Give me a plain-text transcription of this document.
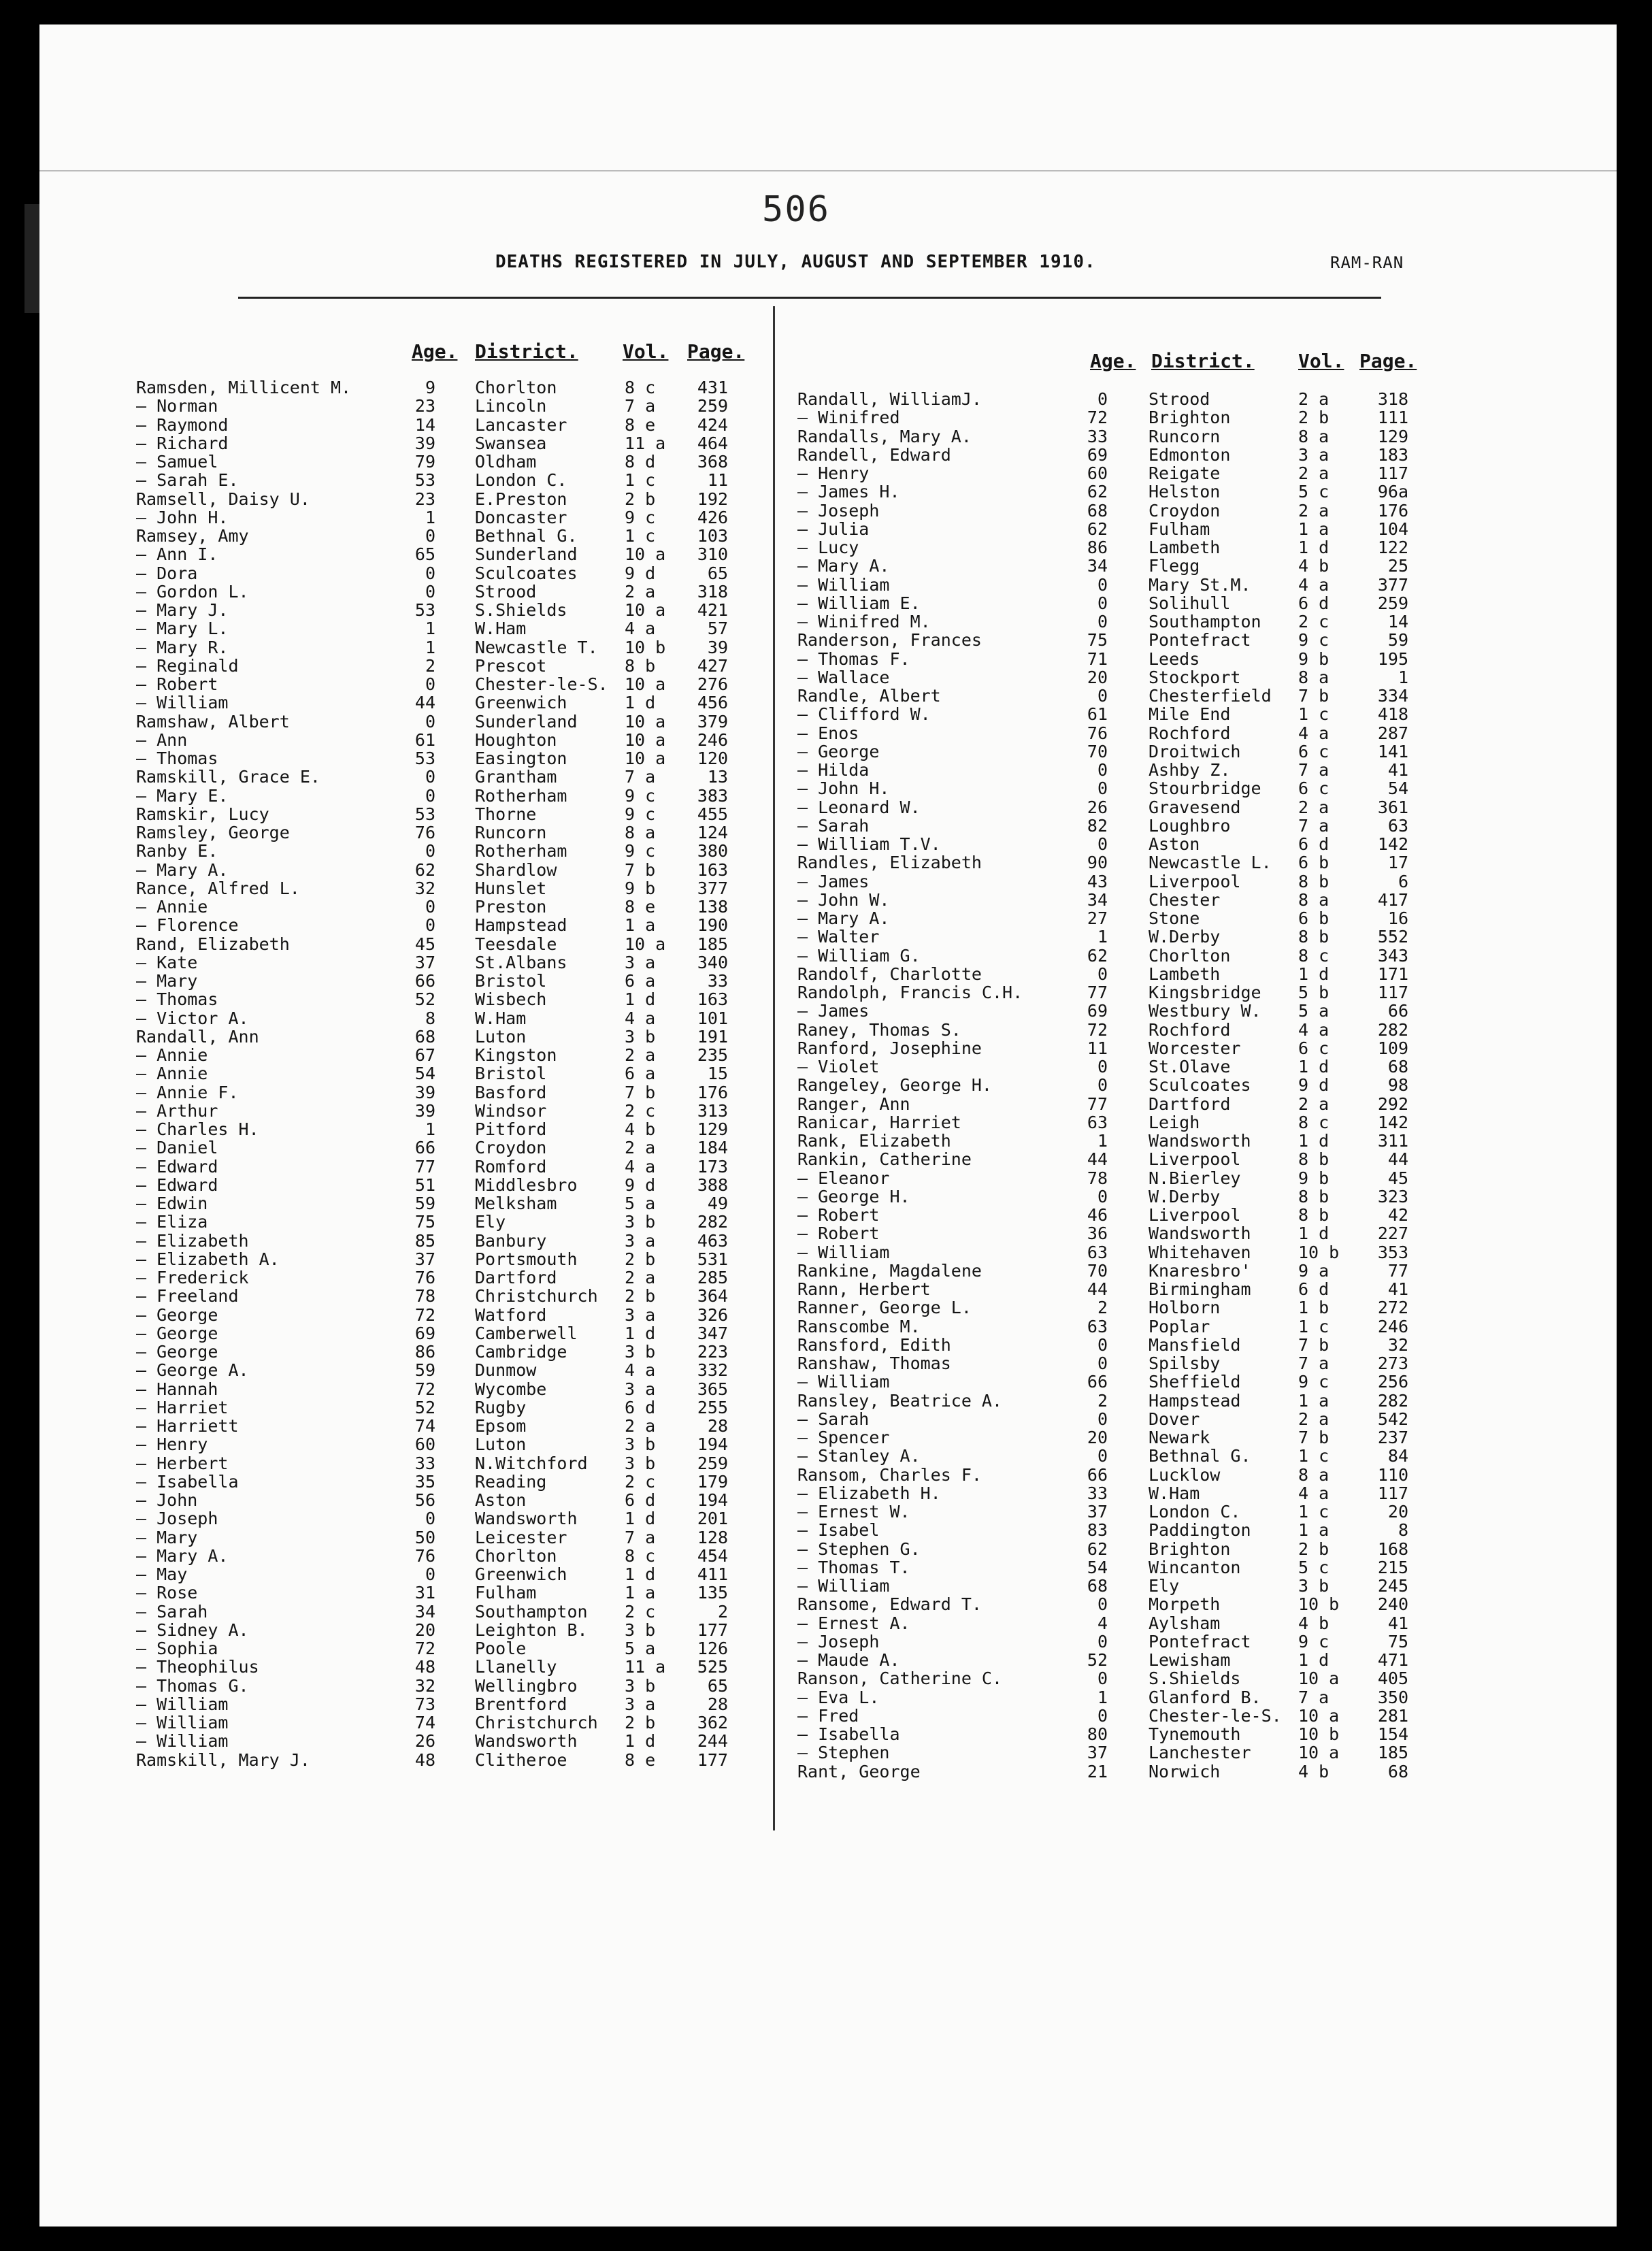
506
DEATHS REGISTERED IN JULY, AUGUST AND SEPTEMBER 1910.	RAM-RAN
Age. District. Vol. Page.	Age. District. Vol. Page.
Ramsden, Millicent M.	9 Chorlton	8 c	431
— Norman	23 Lincoln	7 a	259
— Raymond	14 Lancaster	8 e	424
— Richard	39 Swansea	11 a	464
— Samuel	79 Oldham	8 d	368
— Sarah E.	53 London C.	1 c	11
Ramsell, Daisy U.	23 E.Preston	2 b	192
— John H.	1 Doncaster	9 c	426
Ramsey, Amy	0 Bethnal G.	1 c	103
— Ann I.	65 Sunderland	10 a	310
— Dora	0 Sculcoates	9 d	65
— Gordon L.	0 Strood	2 a	318
— Mary J.	53 S.Shields	10 a	421
— Mary L.	1 W.Ham	4 a	57
— Mary R.	1 Newcastle T. 10 b	39
— Reginald	2 Prescot	8 b	427
— Robert	0 Chester-le-S. 10 a	276
— William	44 Greenwich	1 d	456
Ramshaw, Albert	0 Sunderland	10 a	379
— Ann	61 Houghton	10 a	246
— Thomas	53 Easington	10 a	120
Ramskill, Grace E.	0 Grantham	7 a	13
— Mary E.	0 Rotherham	9 c	383
Ramskir, Lucy	53 Thorne	9 c	455
Ramsley, George	76 Runcorn	8 a	124
Ranby E.	0 Rotherham	9 c	380
— Mary A.	62 Shardlow	7 b	163
Rance, Alfred L.	32 Hunslet	9 b	377
— Annie	0 Preston	8 e	138
— Florence	0 Hampstead	1 a	190
Rand, Elizabeth	45 Teesdale	10 a	185
— Kate	37 St.Albans	3 a	340
— Mary	66 Bristol	6 a	33
— Thomas	52 Wisbech	1 d	163
— Victor A.	8 W.Ham	4 a	101
Randall, Ann	68 Luton	3 b	191
— Annie	67 Kingston	2 a	235
— Annie	54 Bristol	6 a	15
— Annie F.	39 Basford	7 b	176
— Arthur	39 Windsor	2 c	313
— Charles H.	1 Pitford	4 b	129
— Daniel	66 Croydon	2 a	184
— Edward	77 Romford	4 a	173
— Edward	51 Middlesbro	9 d	388
— Edwin	59 Melksham	5 a	49
— Eliza	75 Ely	3 b	282
— Elizabeth	85 Banbury	3 a	463
— Elizabeth A.	37 Portsmouth	2 b	531
— Frederick	76 Dartford	2 a	285
— Freeland	78 Christchurch 2 b	364
— George	72 Watford	3 a	326
— George	69 Camberwell	1 d	347
— George	86 Cambridge	3 b	223
— George A.	59 Dunmow	4 a	332
— Hannah	72 Wycombe	3 a	365
— Harriet	52 Rugby	6 d	255
— Harriett	74 Epsom	2 a	28
— Henry	60 Luton	3 b	194
— Herbert	33 N.Witchford 3 b	259
— Isabella	35 Reading	2 c	179
— John	56 Aston	6 d	194
— Joseph	0 Wandsworth	1 d	201
— Mary	50 Leicester	7 a	128
— Mary A.	76 Chorlton	8 c	454
— May	0 Greenwich	1 d	411
— Rose	31 Fulham	1 a	135
— Sarah	34 Southampton 2 c	2
— Sidney A.	20 Leighton B. 3 b	177
— Sophia	72 Poole	5 a	126
— Theophilus	48 Llanelly	11 a	525
— Thomas G.	32 Wellingbro	3 b	65
— William	73 Brentford	3 a	28
— William	74 Christchurch 2 b	362
— William	26 Wandsworth	1 d	244
Ramskill, Mary J.	48 Clitheroe	8 e	177
Randall, WilliamJ.	0 Strood	2 a	318
— Winifred	72 Brighton	2 b	111
Randalls, Mary A.	33 Runcorn	8 a	129
Randell, Edward	69 Edmonton	3 a	183
— Henry	60 Reigate	2 a	117
— James H.	62 Helston	5 c	96a
— Joseph	68 Croydon	2 a	176
— Julia	62 Fulham	1 a	104
— Lucy	86 Lambeth	1 d	122
— Mary A.	34 Flegg	4 b	25
— William	0 Mary St.M.	4 a	377
— William E.	0 Solihull	6 d	259
— Winifred M.	0 Southampton 2 c	14
Randerson, Frances	75 Pontefract	9 c	59
— Thomas F.	71 Leeds	9 b	195
— Wallace	20 Stockport	8 a	1
Randle, Albert	0 Chesterfield 7 b	334
— Clifford W.	61 Mile End	1 c	418
— Enos	76 Rochford	4 a	287
— George	70 Droitwich	6 c	141
— Hilda	0 Ashby Z.	7 a	41
— John H.	0 Stourbridge 6 c	54
— Leonard W.	26 Gravesend	2 a	361
— Sarah	82 Loughbro	7 a	63
— William T.V.	0 Aston	6 d	142
Randles, Elizabeth	90 Newcastle L. 6 b	17
— James	43 Liverpool	8 b	6
— John W.	34 Chester	8 a	417
— Mary A.	27 Stone	6 b	16
— Walter	1 W.Derby	8 b	552
— William G.	62 Chorlton	8 c	343
Randolf, Charlotte	0 Lambeth	1 d	171
Randolph, Francis C.H.	77 Kingsbridge 5 b	117
— James	69 Westbury W. 5 a	66
Raney, Thomas S.	72 Rochford	4 a	282
Ranford, Josephine	11 Worcester	6 c	109
— Violet	0 St.Olave	1 d	68
Rangeley, George H.	0 Sculcoates	9 d	98
Ranger, Ann	77 Dartford	2 a	292
Ranicar, Harriet	63 Leigh	8 c	142
Rank, Elizabeth	1 Wandsworth	1 d	311
Rankin, Catherine	44 Liverpool	8 b	44
— Eleanor	78 N.Bierley	9 b	45
— George H.	0 W.Derby	8 b	323
— Robert	46 Liverpool	8 b	42
— Robert	36 Wandsworth	1 d	227
— William	63 Whitehaven	10 b	353
Rankine, Magdalene	70 Knaresbro'	9 a	77
Rann, Herbert	44 Birmingham	6 d	41
Ranner, George L.	2 Holborn	1 b	272
Ranscombe M.	63 Poplar	1 c	246
Ransford, Edith	0 Mansfield	7 b	32
Ranshaw, Thomas	0 Spilsby	7 a	273
— William	66 Sheffield	9 c	256
Ransley, Beatrice A.	2 Hampstead	1 a	282
— Sarah	0 Dover	2 a	542
— Spencer	20 Newark	7 b	237
— Stanley A.	0 Bethnal G.	1 c	84
Ransom, Charles F.	66 Lucklow	8 a	110
— Elizabeth H.	33 W.Ham	4 a	117
— Ernest W.	37 London C.	1 c	20
— Isabel	83 Paddington	1 a	8
— Stephen G.	62 Brighton	2 b	168
— Thomas T.	54 Wincanton	5 c	215
— William	68 Ely	3 b	245
Ransome, Edward T.	0 Morpeth	10 b	240
— Ernest A.	4 Aylsham	4 b	41
— Joseph	0 Pontefract	9 c	75
— Maude A.	52 Lewisham	1 d	471
Ranson, Catherine C.	0 S.Shields	10 a	405
— Eva L.	1 Glanford B. 7 a	350
— Fred	0 Chester-le-S. 10 a	281
— Isabella	80 Tynemouth	10 b	154
— Stephen	37 Lanchester	10 a	185
Rant, George	21 Norwich	4 b	68
